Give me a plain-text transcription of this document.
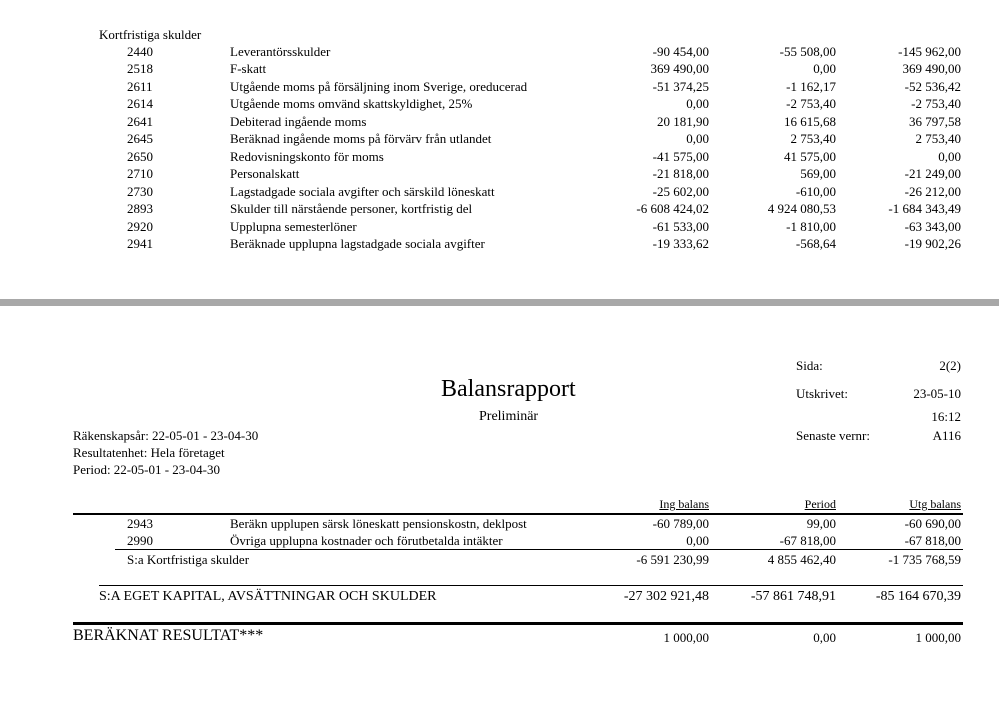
Kortfristiga skulder
2440	Leverantörsskulder	-90 454,00	-55 508,00	-145 962,00
2518	F-skatt	369 490,00	0,00	369 490,00
2611	Utgående moms på försäljning inom Sverige, oreducerad	-51 374,25	-1 162,17	-52 536,42
2614	Utgående moms omvänd skattskyldighet, 25%	0,00	-2 753,40	-2 753,40
2641	Debiterad ingående moms	20 181,90	16 615,68	36 797,58
2645	Beräknad ingående moms på förvärv från utlandet	0,00	2 753,40	2 753,40
2650	Redovisningskonto för moms	-41 575,00	41 575,00	0,00
2710	Personalskatt	-21 818,00	569,00	-21 249,00
2730	Lagstadgade sociala avgifter och särskild löneskatt	-25 602,00	-610,00	-26 212,00
2893	Skulder till närstående personer, kortfristig del	-6 608 424,02	4 924 080,53	-1 684 343,49
2920	Upplupna semesterlöner	-61 533,00	-1 810,00	-63 343,00
2941	Beräknade upplupna lagstadgade sociala avgifter	-19 333,62	-568,64	-19 902,26
Sida:	2(2)
Balansrapport
Preliminär
Utskrivet:	23-05-10
16:12
Senaste vernr:	A116
Räkenskapsår: 22-05-01 - 23-04-30
Resultatenhet: Hela företaget
Period: 22-05-01 - 23-04-30
Ing balans	Period	Utg balans
2943	Beräkn upplupen särsk löneskatt pensionskostn, deklpost	-60 789,00	99,00	-60 690,00
2990	Övriga upplupna kostnader och förutbetalda intäkter	0,00	-67 818,00	-67 818,00
S:a Kortfristiga skulder	-6 591 230,99	4 855 462,40	-1 735 768,59
S:A EGET KAPITAL, AVSÄTTNINGAR OCH SKULDER	-27 302 921,48	-57 861 748,91	-85 164 670,39
BERÄKNAT RESULTAT***	1 000,00	0,00	1 000,00
